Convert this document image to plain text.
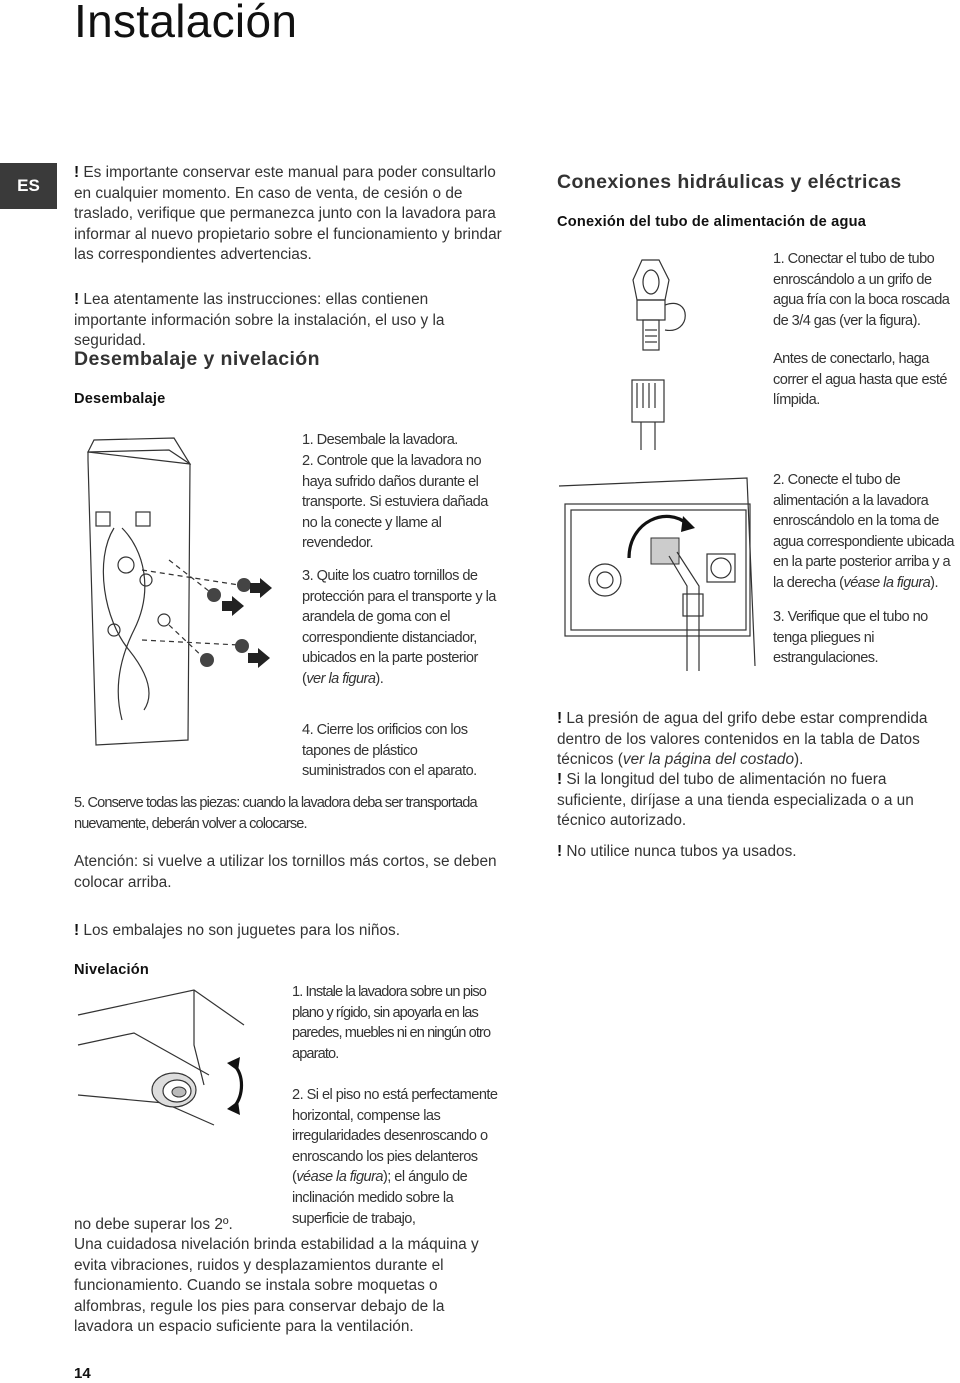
Instalación
ES

! Es importante conservar este manual para poder consultarlo en cualquier momento. En caso de venta, de cesión o de traslado, verifique que permanezca junto con la lavadora para informar al nuevo propietario sobre el funcionamiento y brindar las correspondientes advertencias.

! Lea atentamente las instrucciones: ellas contienen importante información sobre la instalación, el uso y la seguridad.

Desembalaje y nivelación
Desembalaje

1. Desembale la lavadora.

2. Controle que la lavadora no haya sufrido daños durante el transporte. Si estuviera dañada no la conecte y llame al revendedor.

3. Quite los cuatro tornillos de protección para el transporte y la arandela de goma con el correspondiente distanciador, ubicados en la parte posterior (ver la figura).

4. Cierre los orificios con los tapones de plástico suministrados con el aparato.

5. Conserve todas las piezas: cuando la lavadora deba ser transportada nuevamente, deberán volver a colocarse.

Atención: si vuelve a utilizar los tornillos más cortos, se deben colocar arriba.

! Los embalajes no son juguetes para los niños.

Nivelación

1. Instale la lavadora sobre un piso plano y rígido, sin apoyarla en las paredes, muebles ni en ningún otro aparato.

2. Si el piso no está perfectamente horizontal, compense las irregularidades desenroscando o enroscando los pies delanteros (véase la figura); el ángulo de inclinación medido sobre la superficie de trabajo,

no debe superar los 2º.

Una cuidadosa nivelación brinda estabilidad a la máquina y evita vibraciones, ruidos y desplazamientos durante el funcionamiento. Cuando se instala sobre moquetas o alfombras, regule los pies para conservar debajo de la lavadora un espacio suficiente para la ventilación.

Conexiones hidráulicas y eléctricas
Conexión del tubo de alimentación de agua

1. Conectar el tubo de tubo enroscándolo a un grifo de agua fría con la boca roscada de 3/4 gas (ver la figura).

Antes de conectarlo, haga correr el agua hasta que esté límpida.

2. Conecte el tubo de alimentación a la lavadora enroscándolo en la toma de agua correspondiente ubicada en la parte posterior arriba y a la derecha (véase la figura).

3. Verifique que el tubo no tenga pliegues ni estrangulaciones.

! La presión de agua del grifo debe estar comprendida dentro de los valores contenidos en la tabla de Datos técnicos (ver la página del costado).

! Si la longitud del tubo de alimentación no fuera suficiente, diríjase a una tienda especializada o a un técnico autorizado.

! No utilice nunca tubos ya usados.

14
